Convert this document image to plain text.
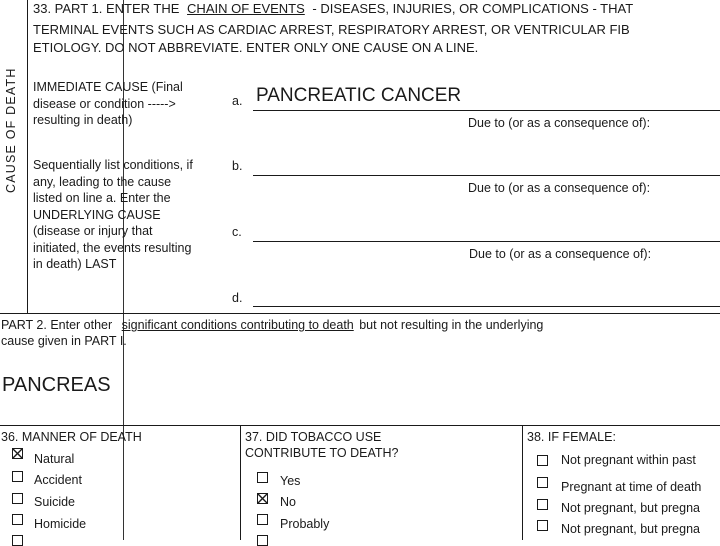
33. PART 1. ENTER THE CHAIN OF EVENTS - DISEASES, INJURIES, OR COMPLICATIONS - THAT
TERMINAL EVENTS SUCH AS CARDIAC ARREST, RESPIRATORY ARREST, OR VENTRICULAR FIB
ETIOLOGY. DO NOT ABBREVIATE. ENTER ONLY ONE CAUSE ON A LINE.
CAUSE OF DEATH IMMEDIATE CAUSE (Final
disease or condition ----->
resulting in death)
Sequentially list conditions, if
any, leading to the cause
listed on line a. Enter the
UNDERLYING CAUSE
(disease or injury that
initiated, the events resulting
in death) LAST
a. PANCREATIC CANCER
Due to (or as a consequence of):
b.
Due to (or as a consequence of):
c.
Due to (or as a consequence of):
d.
PART 2. Enter other significant conditions contributing to death but not resulting in the underlying
cause given in PART I.
PANCREAS
36. MANNER OF DEATH
Natural
Accident
Suicide
Homicide
37. DID TOBACCO USE
CONTRIBUTE TO DEATH?
Yes
No
Probably
38. IF FEMALE:
Not pregnant within past
Pregnant at time of death
Not pregnant, but pregna
Not pregnant, but pregna
